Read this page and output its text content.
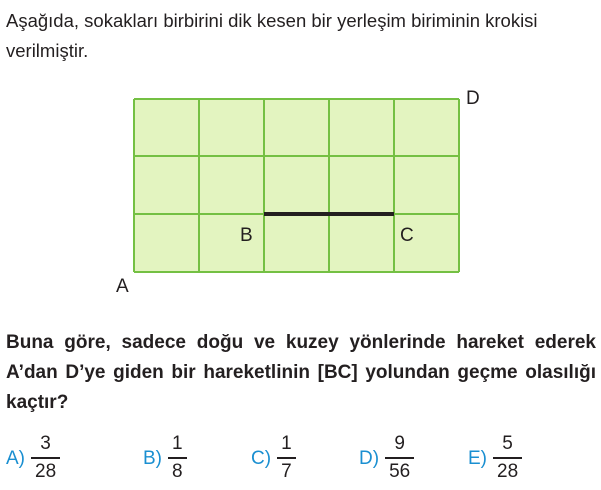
Aşağıda, sokakları birbirini dik kesen bir yerleşim biriminin krokisi verilmiştir.

A
B	C
D

Buna göre, sadece doğu ve kuzey yönlerinde hareket ederek A’dan D’ye giden bir hareketlinin [BC] yolundan geçme olasılığı kaçtır?

$A) \frac{3}{28}$	$B) \frac{1}{8}$	$C) \frac{1}{7}$	$D) \frac{9}{56}$	$E) \frac{5}{28}$
